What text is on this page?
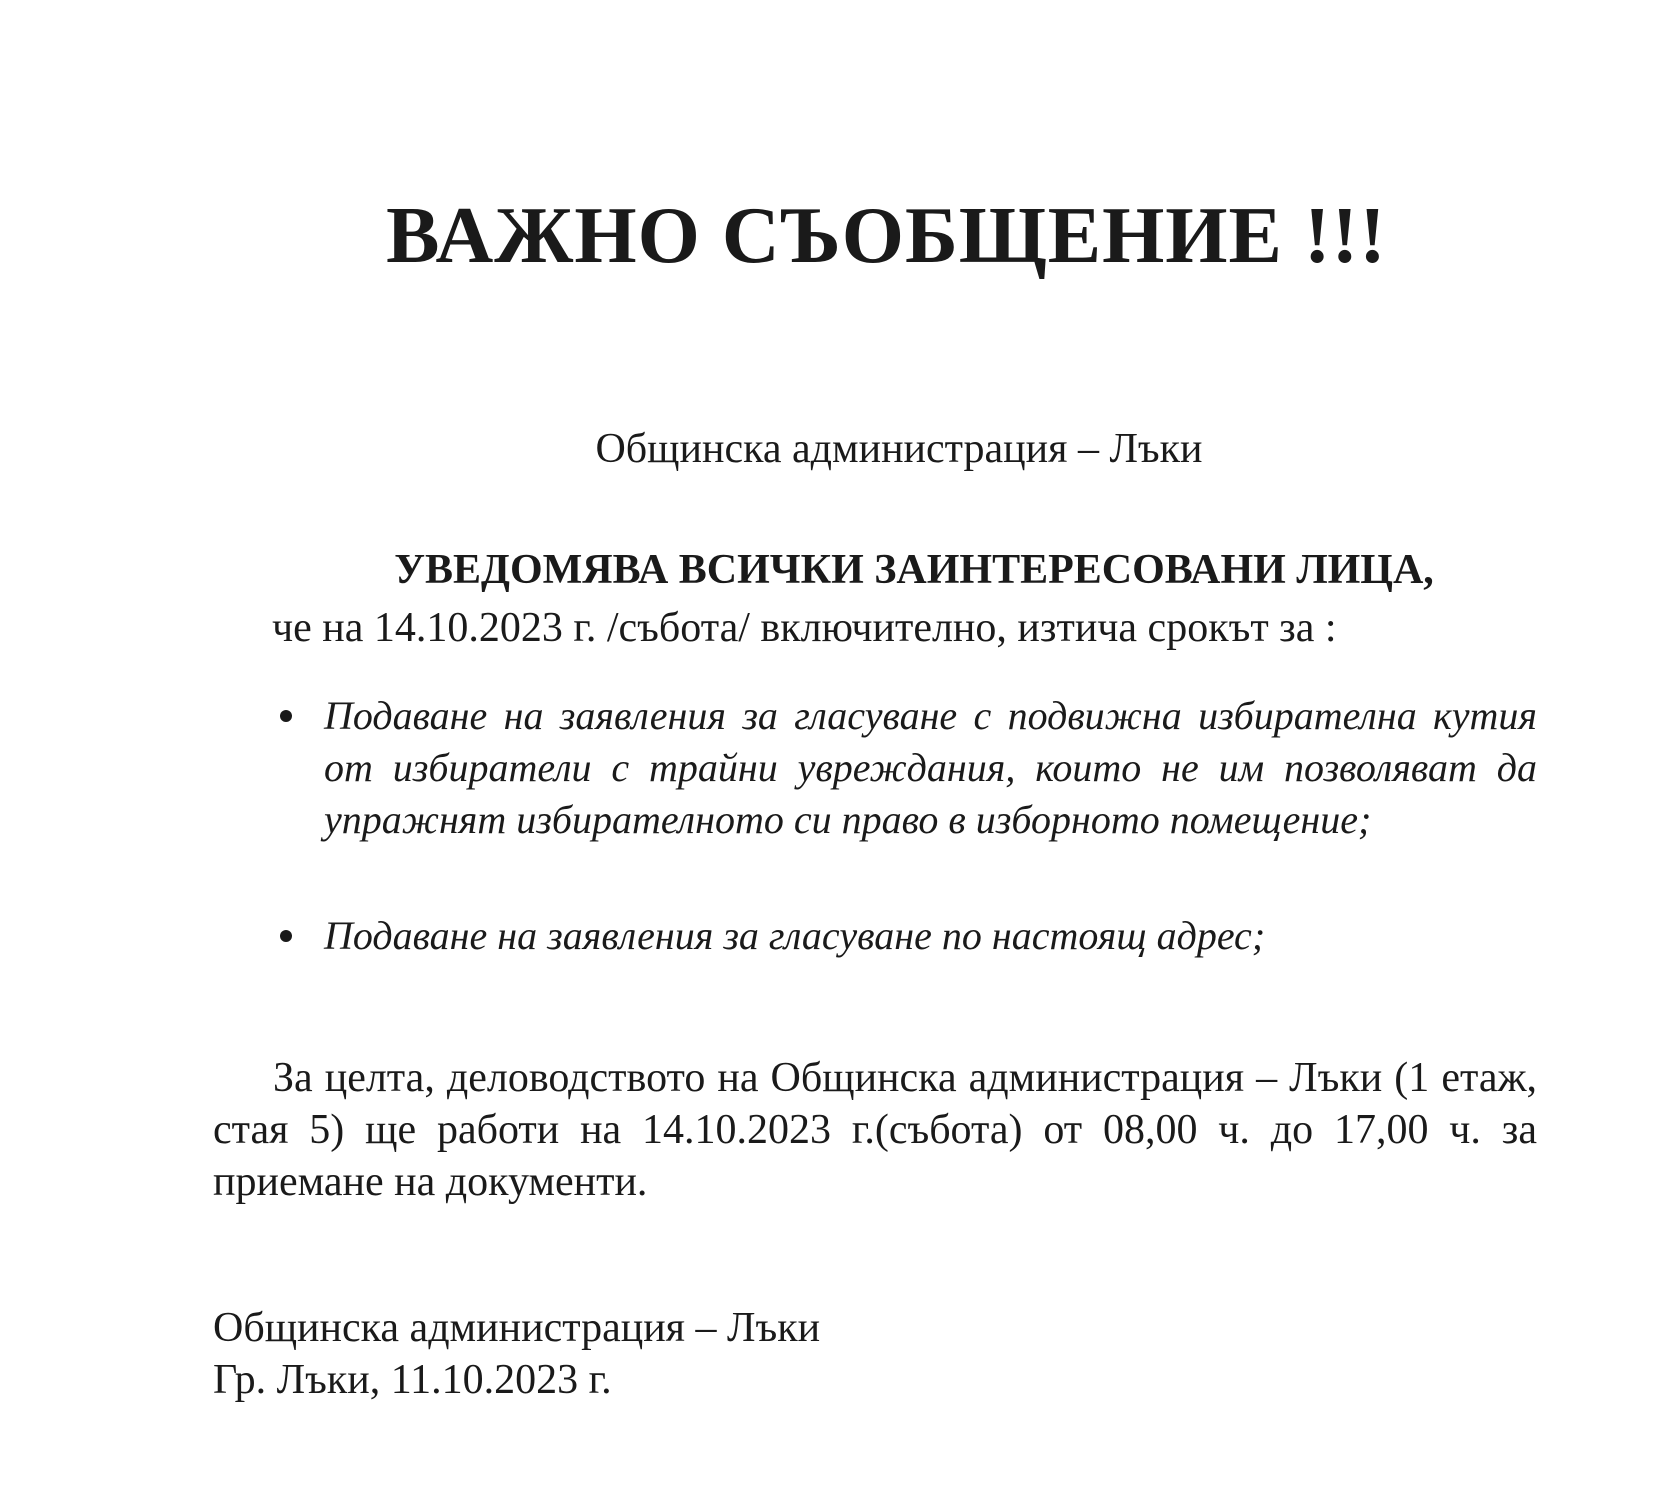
ВАЖНО СЪОБЩЕНИЕ !!!
Общинска администрация – Лъки
УВЕДОМЯВА ВСИЧКИ ЗАИНТЕРЕСОВАНИ ЛИЦА,
че на 14.10.2023 г. /събота/ включително, изтича срокът за :
Подаване на заявления за гласуване с подвижна избирателна кутия от избиратели с трайни увреждания, които не им позволяват да упражнят избирателното си право в изборното помещение;
Подаване на заявления за гласуване по настоящ адрес;

За целта, деловодството на Общинска администрация – Лъки (1 етаж, стая 5) ще работи на 14.10.2023 г.(събота) от 08,00 ч. до 17,00 ч. за приемане на документи.

Общинска администрация – Лъки
Гр. Лъки, 11.10.2023 г.
